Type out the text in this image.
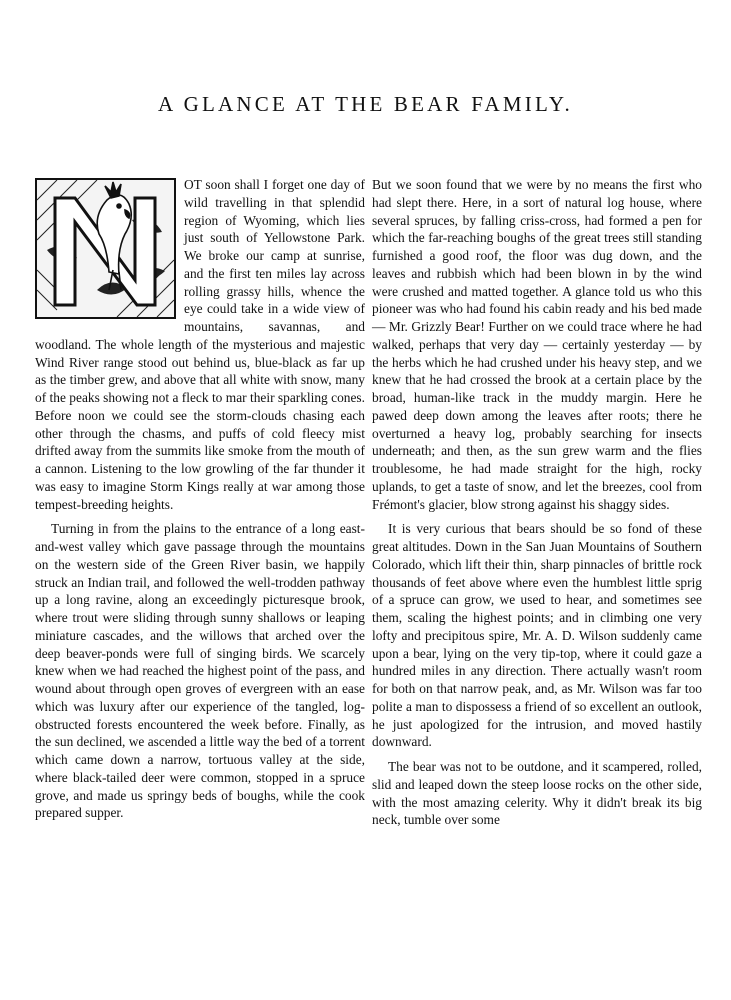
A GLANCE AT THE BEAR FAMILY.

OT soon shall I forget one day of wild travelling in that splendid region of Wyoming, which lies just south of Yellowstone Park. We broke our camp at sunrise, and the first ten miles lay across rolling grassy hills, whence the eye could take in a wide view of mountains, savannas, and woodland. The whole length of the mysterious and majestic Wind River range stood out behind us, blue-black as far up as the timber grew, and above that all white with snow, many of the peaks showing not a fleck to mar their sparkling cones. Before noon we could see the storm-clouds chasing each other through the chasms, and puffs of cold fleecy mist drifted away from the summits like smoke from the mouth of a cannon. Listening to the low growling of the far thunder it was easy to imagine Storm Kings really at war among those tempest-breeding heights.

Turning in from the plains to the entrance of a long east-and-west valley which gave passage through the mountains on the western side of the Green River basin, we happily struck an Indian trail, and followed the well-trodden pathway up a long ravine, along an exceedingly picturesque brook, where trout were sliding through sunny shallows or leaping miniature cascades, and the willows that arched over the deep beaver-ponds were full of singing birds. We scarcely knew when we had reached the highest point of the pass, and wound about through open groves of evergreen with an ease which was luxury after our experience of the tangled, log-obstructed forests encountered the week before. Finally, as the sun declined, we ascended a little way the bed of a torrent which came down a narrow, tortuous valley at the side, where black-tailed deer were common, stopped in a spruce grove, and made us springy beds of boughs, while the cook prepared supper.

But we soon found that we were by no means the first who had slept there. Here, in a sort of natural log house, where several spruces, by falling criss-cross, had formed a pen for which the far-reaching boughs of the great trees still standing furnished a good roof, the floor was dug down, and the leaves and rubbish which had been blown in by the wind were crushed and matted together. A glance told us who this pioneer was who had found his cabin ready and his bed made — Mr. Grizzly Bear! Further on we could trace where he had walked, perhaps that very day — certainly yesterday — by the herbs which he had crushed under his heavy step, and we knew that he had crossed the brook at a certain place by the broad, human-like track in the muddy margin. Here he pawed deep down among the leaves after roots; there he overturned a heavy log, probably searching for insects underneath; and then, as the sun grew warm and the flies troublesome, he had made straight for the high, rocky uplands, to get a taste of snow, and let the breezes, cool from Frémont's glacier, blow strong against his shaggy sides.

It is very curious that bears should be so fond of these great altitudes. Down in the San Juan Mountains of Southern Colorado, which lift their thin, sharp pinnacles of brittle rock thousands of feet above where even the humblest little sprig of a spruce can grow, we used to hear, and sometimes see them, scaling the highest points; and in climbing one very lofty and precipitous spire, Mr. A. D. Wilson suddenly came upon a bear, lying on the very tip-top, where it could gaze a hundred miles in any direction. There actually wasn't room for both on that narrow peak, and, as Mr. Wilson was far too polite a man to dispossess a friend of so excellent an outlook, he just apologized for the intrusion, and moved hastily downward.

The bear was not to be outdone, and it scampered, rolled, slid and leaped down the steep loose rocks on the other side, with the most amazing celerity. Why it didn't break its big neck, tumble over some
